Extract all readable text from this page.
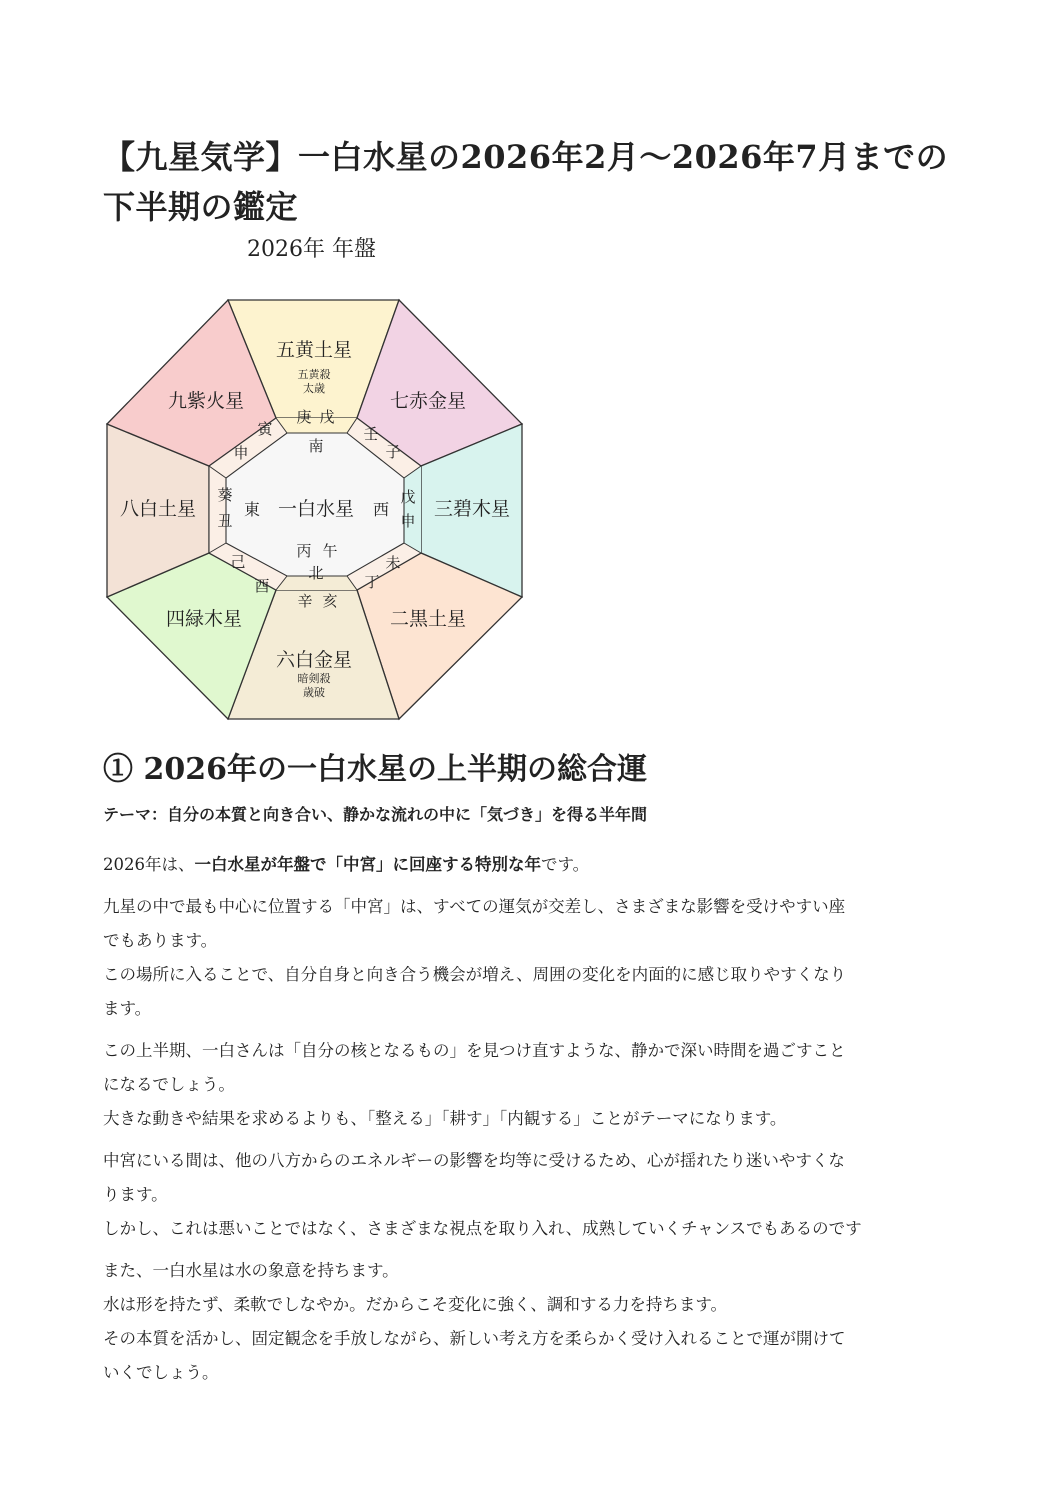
【九星気学】一白水星の2026年2月〜2026年7月までの
下半期の鑑定

2026年 年盤

五黄土星
五黄殺
太歳
九紫火星	七赤金星
八白土星	三碧木星
四緑木星	二黒土星
六白金星
暗剣殺
歳破
庚 戊
壬
子
戊
申
未
丁
辛 亥
己
酉
葵
丑
寅
申	南
東 一白水星 西
丙 午
北
① 2026年の一白水星の上半期の総合運

テーマ：自分の本質と向き合い、静かな流れの中に「気づき」を得る半年間

2026年は、一白水星が年盤で「中宮」に回座する特別な年です。

九星の中で最も中心に位置する「中宮」は、すべての運気が交差し、さまざまな影響を受けやすい座
でもあります。
この場所に入ることで、自分自身と向き合う機会が増え、周囲の変化を内面的に感じ取りやすくなり
ます。
この上半期、一白さんは「自分の核となるもの」を見つけ直すような、静かで深い時間を過ごすこと
になるでしょう。
大きな動きや結果を求めるよりも、「整える」「耕す」「内観する」ことがテーマになります。
中宮にいる間は、他の八方からのエネルギーの影響を均等に受けるため、心が揺れたり迷いやすくな
ります。
しかし、これは悪いことではなく、さまざまな視点を取り入れ、成熟していくチャンスでもあるのです
また、一白水星は水の象意を持ちます。
水は形を持たず、柔軟でしなやか。だからこそ変化に強く、調和する力を持ちます。
その本質を活かし、固定観念を手放しながら、新しい考え方を柔らかく受け入れることで運が開けて
いくでしょう。
